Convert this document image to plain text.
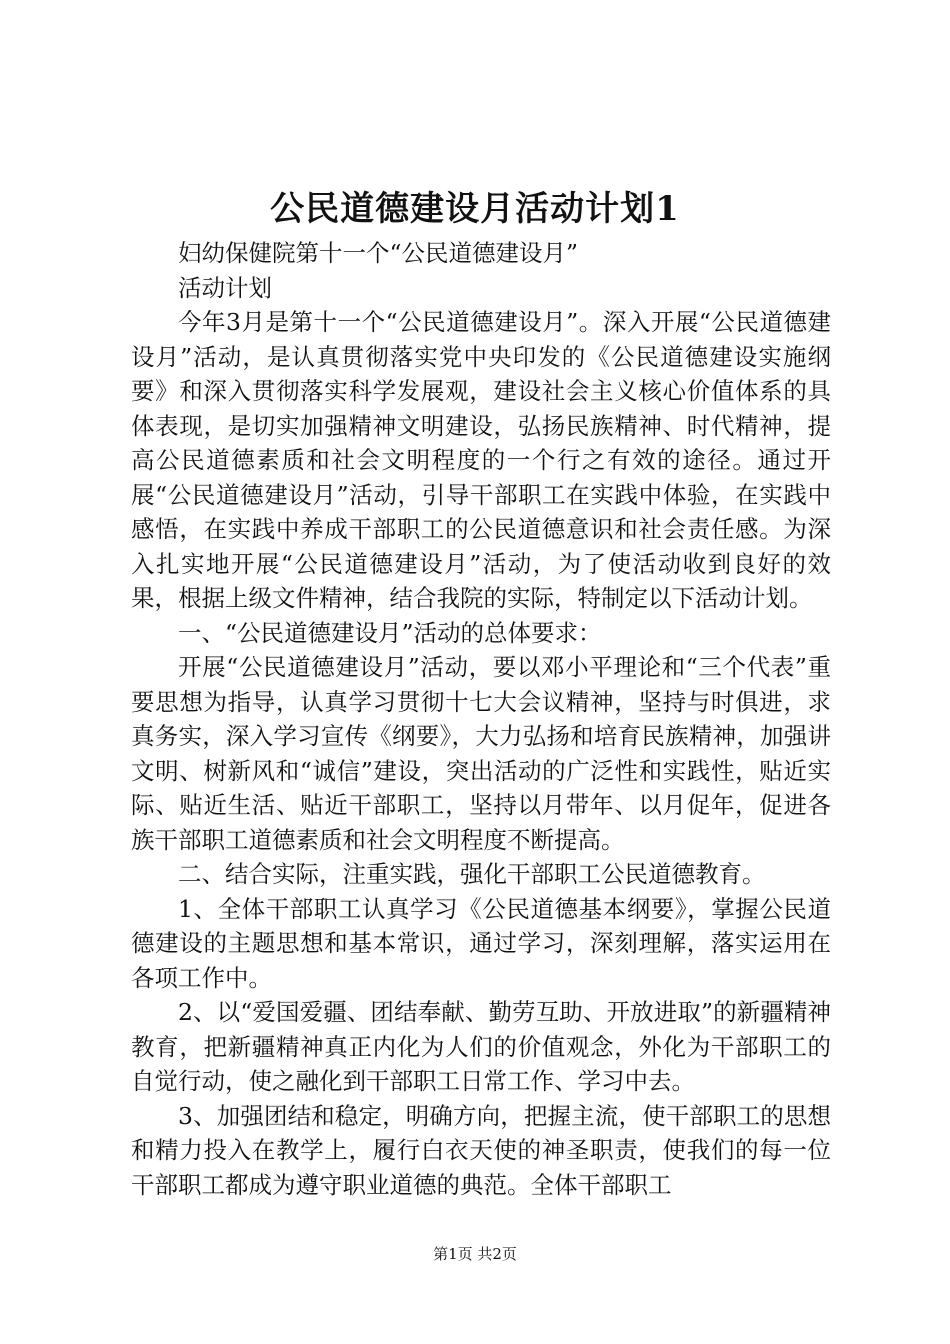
公民道德建设月活动计划1

妇幼保健院第十一个“公民道德建设月”

活动计划

今年3月是第十一个“公民道德建设月”。深入开展“公民道德建设月”活动，是认真贯彻落实党中央印发的《公民道德建设实施纲要》和深入贯彻落实科学发展观，建设社会主义核心价值体系的具体表现，是切实加强精神文明建设，弘扬民族精神、时代精神，提高公民道德素质和社会文明程度的一个行之有效的途径。通过开展“公民道德建设月”活动，引导干部职工在实践中体验，在实践中感悟，在实践中养成干部职工的公民道德意识和社会责任感。为深入扎实地开展“公民道德建设月”活动，为了使活动收到良好的效果，根据上级文件精神，结合我院的实际，特制定以下活动计划。

一、“公民道德建设月”活动的总体要求：

开展“公民道德建设月”活动，要以邓小平理论和“三个代表”重要思想为指导，认真学习贯彻十七大会议精神，坚持与时俱进，求真务实，深入学习宣传《纲要》，大力弘扬和培育民族精神，加强讲文明、树新风和“诚信”建设，突出活动的广泛性和实践性，贴近实际、贴近生活、贴近干部职工，坚持以月带年、以月促年，促进各族干部职工道德素质和社会文明程度不断提高。

二、结合实际，注重实践，强化干部职工公民道德教育。

1、全体干部职工认真学习《公民道德基本纲要》，掌握公民道德建设的主题思想和基本常识，通过学习，深刻理解，落实运用在各项工作中。

2、以“爱国爱疆、团结奉献、勤劳互助、开放进取”的新疆精神教育，把新疆精神真正内化为人们的价值观念，外化为干部职工的自觉行动，使之融化到干部职工日常工作、学习中去。

3、加强团结和稳定，明确方向，把握主流，使干部职工的思想和精力投入在教学上，履行白衣天使的神圣职责，使我们的每一位干部职工都成为遵守职业道德的典范。全体干部职工

第1页 共2页
